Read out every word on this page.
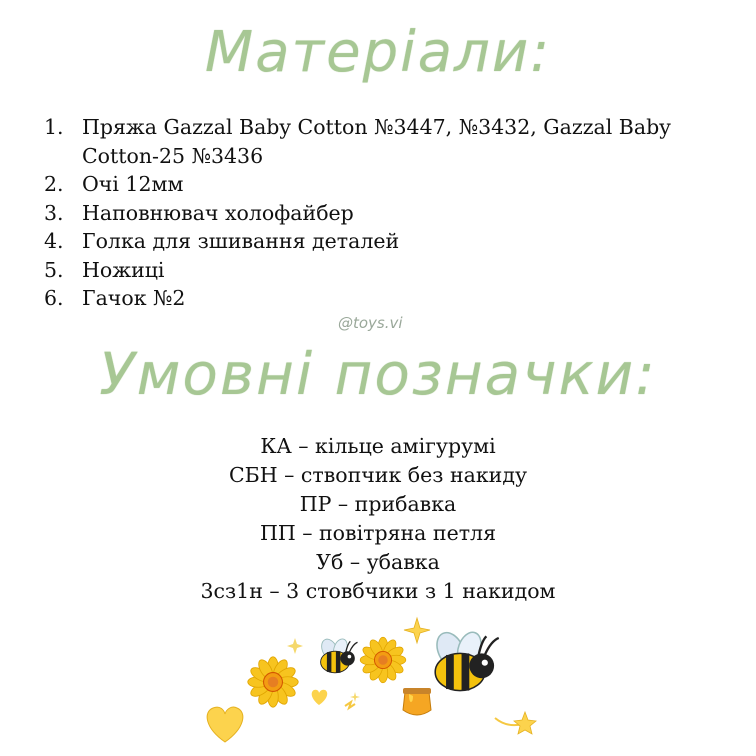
Матеріали:
1. Пряжа Gazzal Baby Cotton №3447, №3432, Gazzal Baby Cotton-25 №3436
2. Очі 12мм
3. Наповнювач холофайбер
4. Голка для зшивання деталей
5. Ножиці
6. Гачок №2
@toys.vi
Умовні позначки:
КА – кільце амігурумі
СБН – ствопчик без накиду
ПР – прибавка
ПП – повітряна петля
Уб – убавка
3сз1н – 3 стовбчики з 1 накидом
